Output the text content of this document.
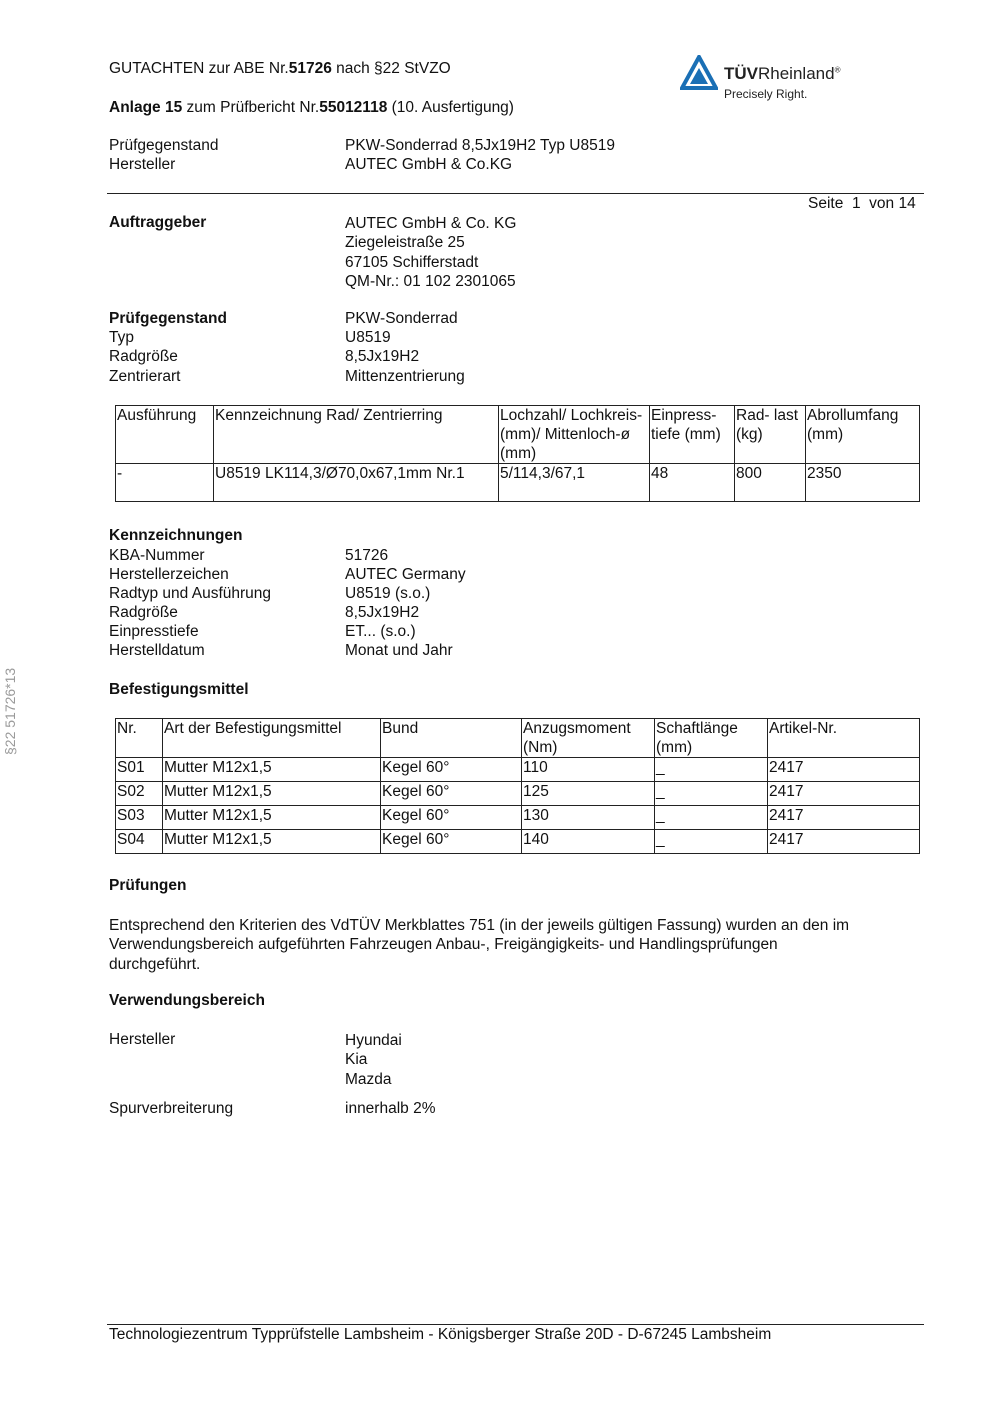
GUTACHTEN zur ABE Nr.51726 nach §22 StVZO
Anlage 15 zum Prüfbericht Nr.55012118 (10. Ausfertigung)
Prüfgegenstand	PKW-Sonderrad 8,5Jx19H2 Typ U8519
Hersteller	AUTEC GmbH & Co.KG
TÜVRheinland®
Precisely Right.
Seite  1  von 14
Auftraggeber	AUTEC GmbH & Co. KG
Ziegeleistraße 25
67105 Schifferstadt
QM-Nr.: 01 102 2301065
Prüfgegenstand	PKW-Sonderrad
Typ	U8519
Radgröße	8,5Jx19H2
Zentrierart	Mittenzentrierung
Ausführung	Kennzeichnung Rad/ Zentrierring	Lochzahl/ Lochkreis- (mm)/ Mittenloch-ø (mm)	Einpress- tiefe (mm)	Rad- last (kg)	Abrollumfang (mm)
-	U8519 LK114,3/Ø70,0x67,1mm Nr.1	5/114,3/67,1	48	800	2350
Kennzeichnungen
KBA-Nummer	51726
Herstellerzeichen	AUTEC Germany
Radtyp und Ausführung	U8519 (s.o.)
Radgröße	8,5Jx19H2
Einpresstiefe	ET... (s.o.)
Herstelldatum	Monat und Jahr
§22 51726*13	Befestigungsmittel
Nr.	Art der Befestigungsmittel	Bund	Anzugsmoment (Nm)	Schaftlänge (mm)	Artikel-Nr.
S01	Mutter M12x1,5	Kegel 60°	110	_	2417
S02	Mutter M12x1,5	Kegel 60°	125	_	2417
S03	Mutter M12x1,5	Kegel 60°	130	_	2417
S04	Mutter M12x1,5	Kegel 60°	140	_	2417
Prüfungen
Entsprechend den Kriterien des VdTÜV Merkblattes 751 (in der jeweils gültigen Fassung) wurden an den im
Verwendungsbereich aufgeführten Fahrzeugen Anbau-, Freigängigkeits- und Handlingsprüfungen
durchgeführt.
Verwendungsbereich
Hersteller	Hyundai
Kia
Mazda
Spurverbreiterung	innerhalb 2%
Technologiezentrum Typprüfstelle Lambsheim - Königsberger Straße 20D - D-67245 Lambsheim
